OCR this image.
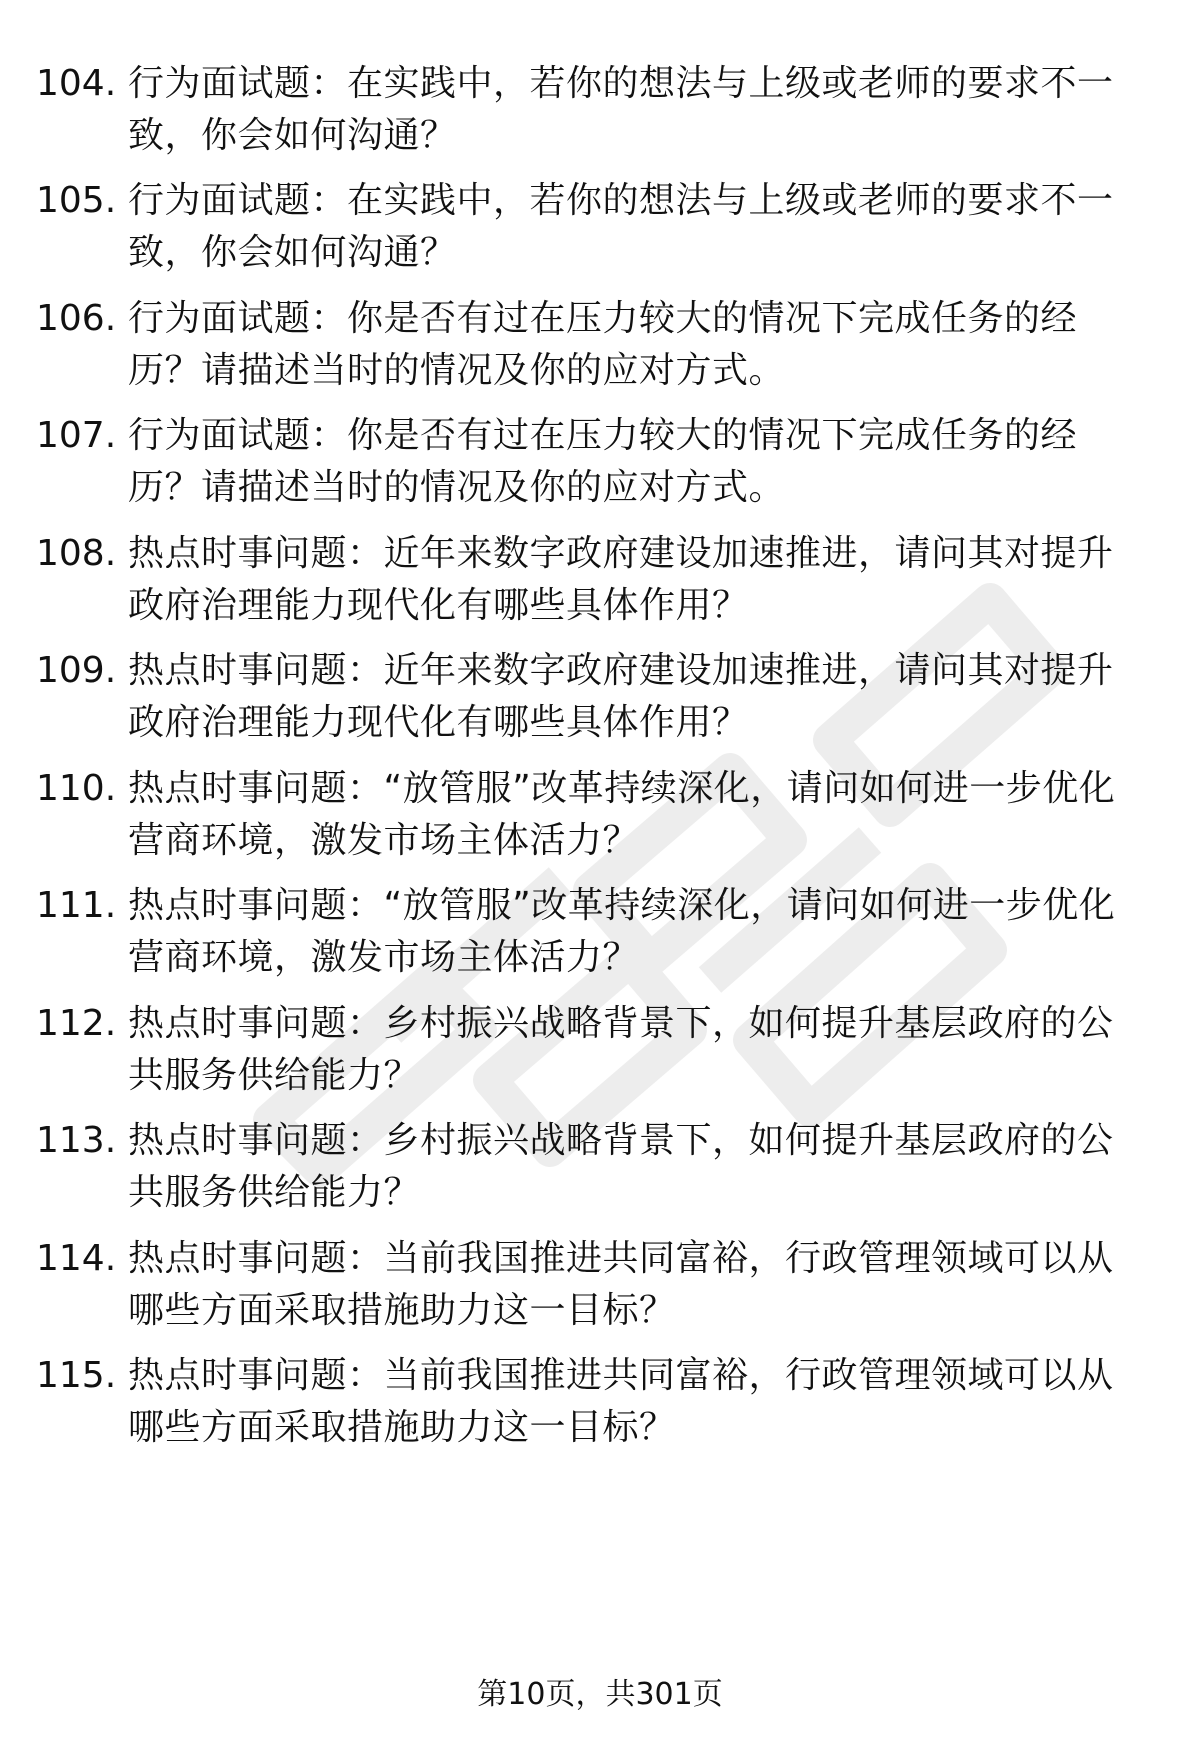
104. 行为面试题：在实践中，若你的想法与上级或老师的要求不一致，你会如何沟通？
105. 行为面试题：在实践中，若你的想法与上级或老师的要求不一致，你会如何沟通？
106. 行为面试题：你是否有过在压力较大的情况下完成任务的经历？请描述当时的情况及你的应对方式。
107. 行为面试题：你是否有过在压力较大的情况下完成任务的经历？请描述当时的情况及你的应对方式。
108. 热点时事问题：近年来数字政府建设加速推进，请问其对提升政府治理能力现代化有哪些具体作用？
109. 热点时事问题：近年来数字政府建设加速推进，请问其对提升政府治理能力现代化有哪些具体作用？
110. 热点时事问题：“放管服”改革持续深化，请问如何进一步优化营商环境，激发市场主体活力？
111. 热点时事问题：“放管服”改革持续深化，请问如何进一步优化营商环境，激发市场主体活力？
112. 热点时事问题：乡村振兴战略背景下，如何提升基层政府的公共服务供给能力？
113. 热点时事问题：乡村振兴战略背景下，如何提升基层政府的公共服务供给能力？
114. 热点时事问题：当前我国推进共同富裕，行政管理领域可以从哪些方面采取措施助力这一目标？
115. 热点时事问题：当前我国推进共同富裕，行政管理领域可以从哪些方面采取措施助力这一目标？
第10页，共301页
